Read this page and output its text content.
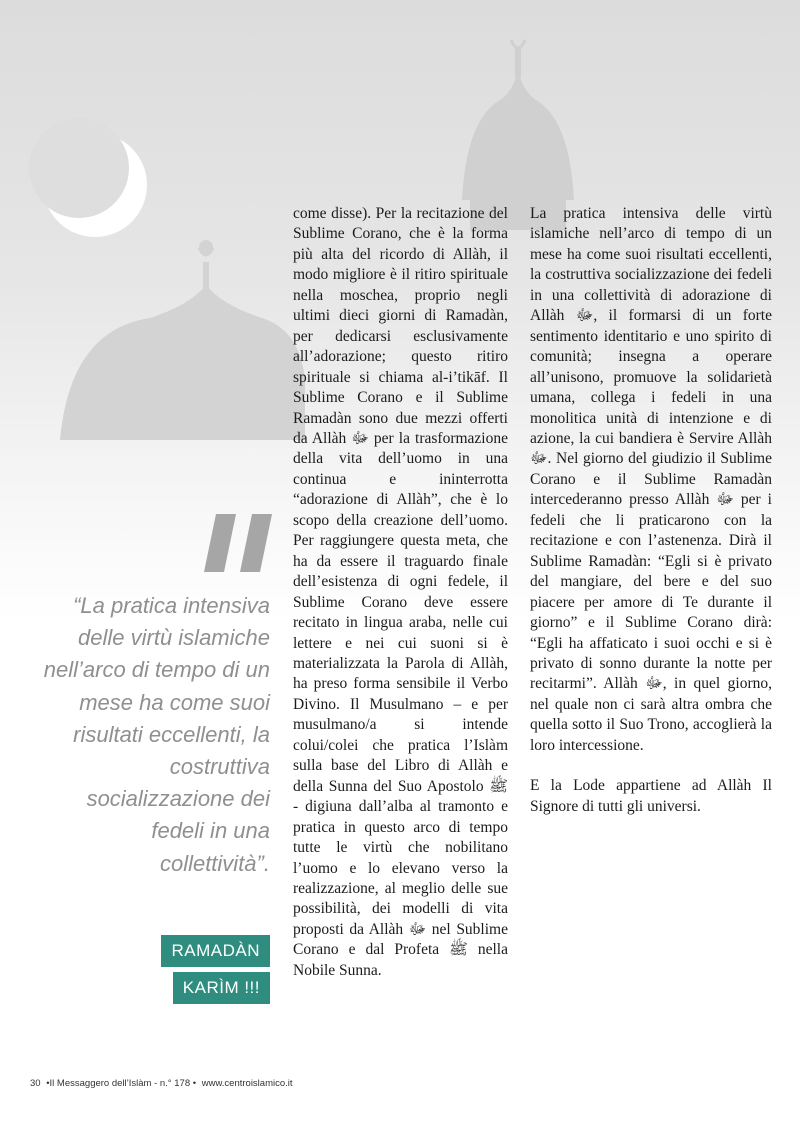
come disse). Per la recitazione del Sublime Corano, che è la forma più alta del ricordo di Allàh, il modo migliore è il ritiro spirituale nella moschea, proprio negli ultimi dieci giorni di Ramadàn, per dedicarsi esclusivamente all’adorazione; questo ritiro spirituale si chiama al-i’tikāf. Il Sublime Corano e il Sublime Ramadàn sono due mezzi offerti da Allàh ﷻ per la trasformazione della vita dell’uomo in una continua e ininterrotta “adorazione di Allàh”, che è lo scopo della creazione dell’uomo. Per raggiungere questa meta, che ha da essere il traguardo finale dell’esistenza di ogni fedele, il Sublime Corano deve essere recitato in lingua araba, nelle cui lettere e nei cui suoni si è materializzata la Parola di Allàh, ha preso forma sensibile il Verbo Divino. Il Musulmano – e per musulmano/a si intende colui/colei che pratica l’Islàm sulla base del Libro di Allàh e della Sunna del Suo Apostolo ﷺ - digiuna dall’alba al tramonto e pratica in questo arco di tempo tutte le virtù che nobilitano l’uomo e lo elevano verso la realizzazione, al meglio delle sue possibilità, dei modelli di vita proposti da Allàh ﷻ nel Sublime Corano e dal Profeta ﷺ nella Nobile Sunna.

La pratica intensiva delle virtù islamiche nell’arco di tempo di un mese ha come suoi risultati eccellenti, la costruttiva socializzazione dei fedeli in una collettività di adorazione di Allàh ﷻ, il formarsi di un forte sentimento identitario e uno spirito di comunità; insegna a operare all’unisono, promuove la solidarietà umana, collega i fedeli in una monolitica unità di intenzione e di azione, la cui bandiera è Servire Allàh ﷻ. Nel giorno del giudizio il Sublime Corano e il Sublime Ramadàn intercederanno presso Allàh ﷻ per i fedeli che li praticarono con la recitazione e con l’astenenza. Dirà il Sublime Ramadàn: “Egli si è privato del mangiare, del bere e del suo piacere per amore di Te durante il giorno” e il Sublime Corano dirà: “Egli ha affaticato i suoi occhi e si è privato di sonno durante la notte per recitarmi”. Allàh ﷻ, in quel giorno, nel quale non ci sarà altra ombra che quella sotto il Suo Trono, accoglierà la loro intercessione.

E la Lode appartiene ad Allàh Il Signore di tutti gli universi.

“La pratica intensiva delle virtù islamiche nell’arco di tempo di un mese ha come suoi risultati eccellenti, la costruttiva socializzazione dei fedeli in una collettività”.
RAMADÀN
KARÌM !!!
30 •Il Messaggero dell’Islàm - n.° 178 • www.centroislamico.it
